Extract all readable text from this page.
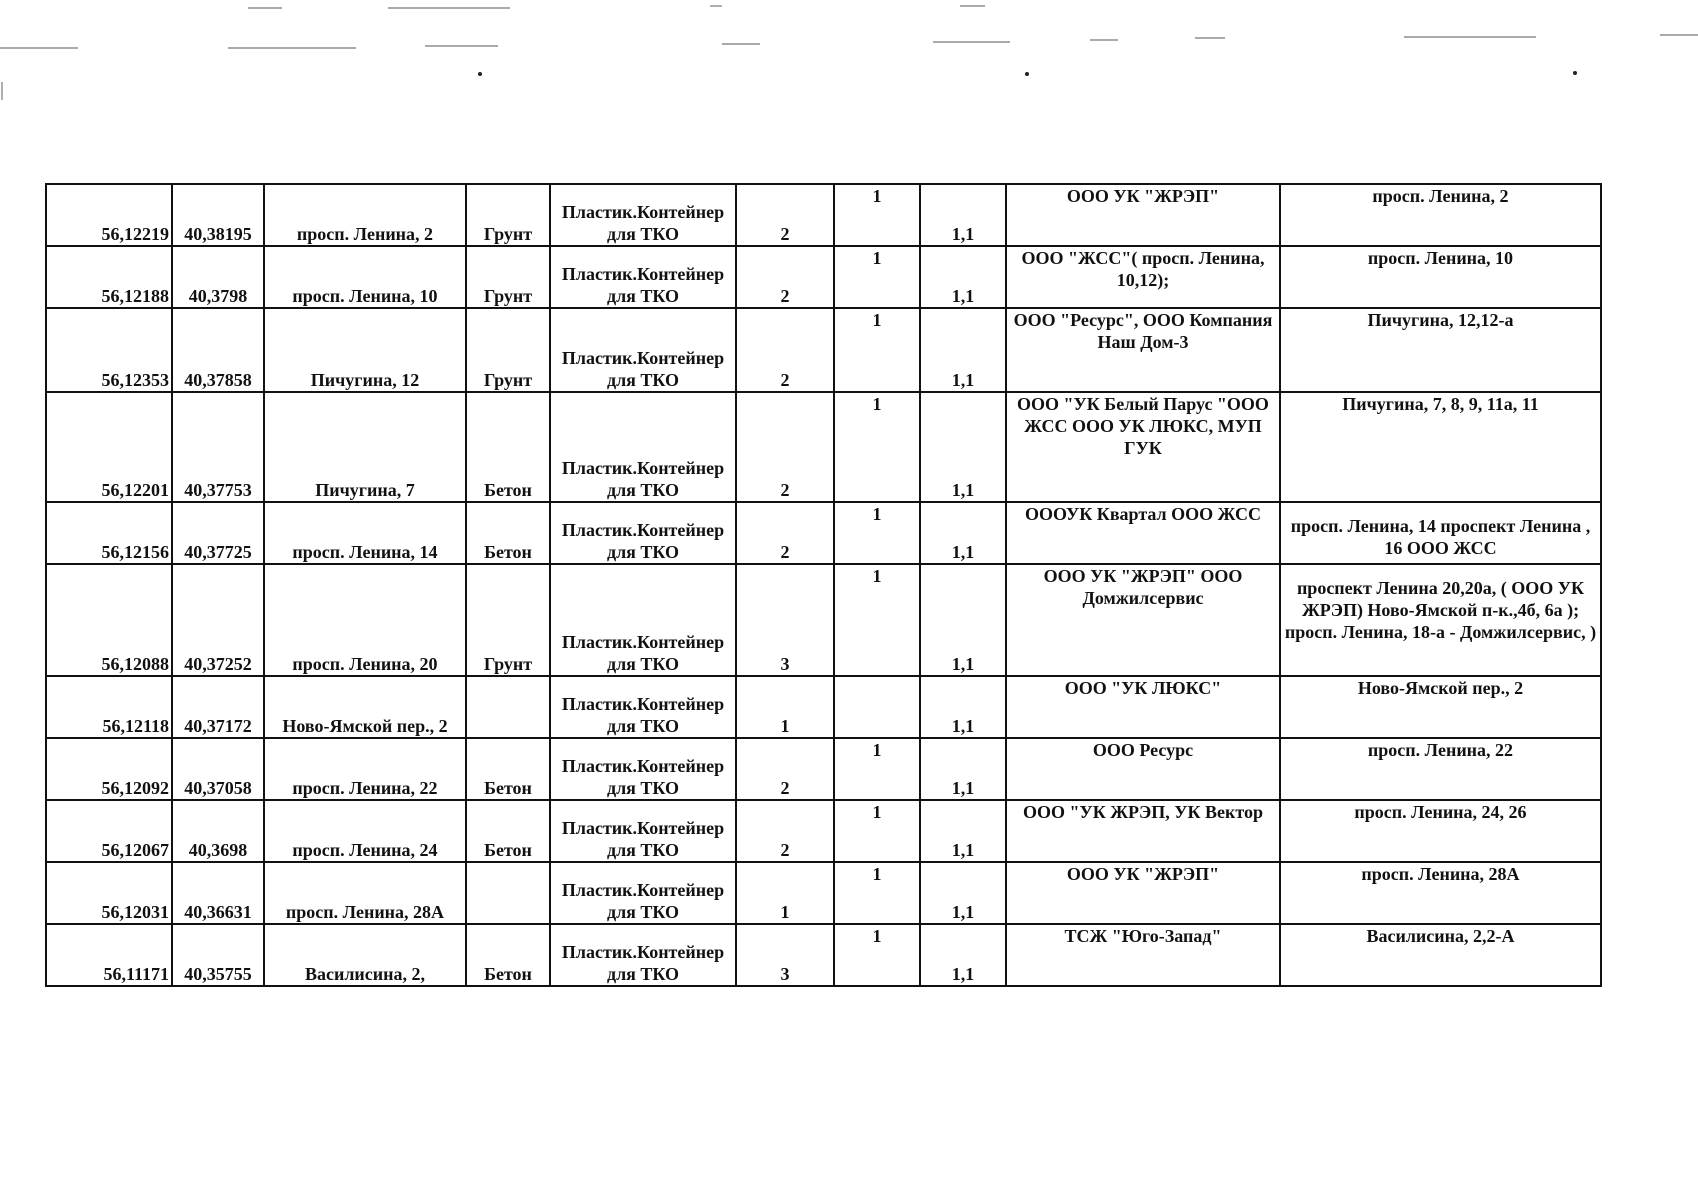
56,12219	40,38195	просп. Ленина, 2	Грунт	Пластик.Контейнер для ТКО	2	1	1,1	ООО УК "ЖРЭП"	просп. Ленина, 2
56,12188	40,3798	просп. Ленина, 10	Грунт	Пластик.Контейнер для ТКО	2	1	1,1	ООО "ЖСС"( просп. Ленина, 10,12);	просп. Ленина, 10
56,12353	40,37858	Пичугина, 12	Грунт	Пластик.Контейнер для ТКО	2	1	1,1	ООО "Ресурс", ООО Компания Наш Дом-3	Пичугина, 12,12-а
56,12201	40,37753	Пичугина, 7	Бетон	Пластик.Контейнер для ТКО	2	1	1,1	ООО "УК Белый Парус "ООО ЖСС ООО УК ЛЮКС, МУП ГУК	Пичугина, 7, 8, 9, 11а, 11
56,12156	40,37725	просп. Ленина, 14	Бетон	Пластик.Контейнер для ТКО	2	1	1,1	ОООУК Квартал ООО ЖСС	просп. Ленина, 14 проспект Ленина , 16 ООО ЖСС
56,12088	40,37252	просп. Ленина, 20	Грунт	Пластик.Контейнер для ТКО	3	1	1,1	ООО УК "ЖРЭП" ООО Домжилсервис	проспект Ленина 20,20а, ( ООО УК ЖРЭП) Ново-Ямской п-к.,4б, 6а ); просп. Ленина, 18-а - Домжилсервис, )
56,12118	40,37172	Ново-Ямской пер., 2		Пластик.Контейнер для ТКО	1		1,1	ООО "УК ЛЮКС"	Ново-Ямской пер., 2
56,12092	40,37058	просп. Ленина, 22	Бетон	Пластик.Контейнер для ТКО	2	1	1,1	ООО Ресурс	просп. Ленина, 22
56,12067	40,3698	просп. Ленина, 24	Бетон	Пластик.Контейнер для ТКО	2	1	1,1	ООО "УК ЖРЭП, УК Вектор	просп. Ленина, 24, 26
56,12031	40,36631	просп. Ленина, 28А		Пластик.Контейнер для ТКО	1	1	1,1	ООО УК "ЖРЭП"	просп. Ленина, 28А
56,11171	40,35755	Василисина, 2,	Бетон	Пластик.Контейнер для ТКО	3	1	1,1	ТСЖ "Юго-Запад"	Василисина, 2,2-А
